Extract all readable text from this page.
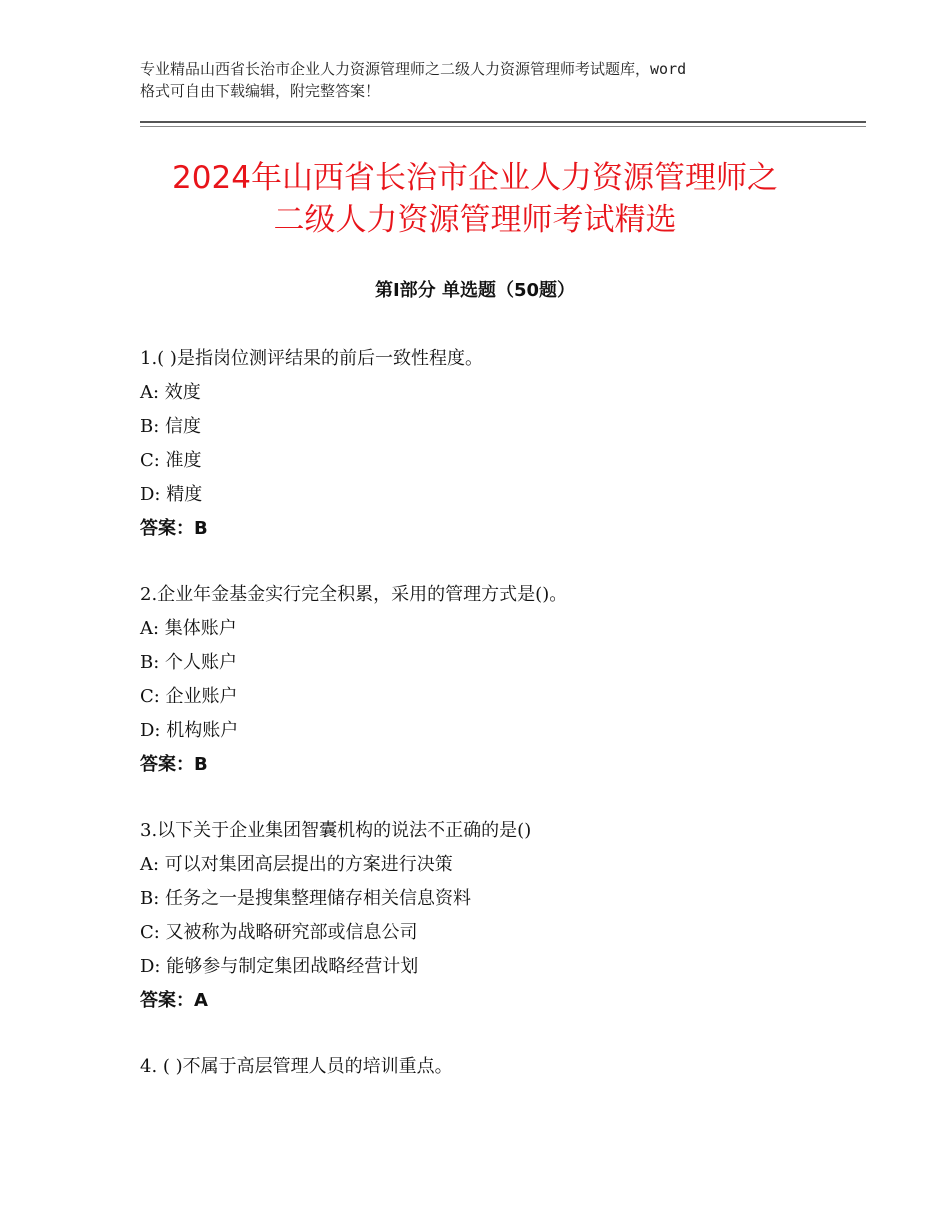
专业精品山西省长治市企业人力资源管理师之二级人力资源管理师考试题库，word
格式可自由下载编辑，附完整答案！
2024年山西省长治市企业人力资源管理师之
二级人力资源管理师考试精选
第Ⅰ部分 单选题（50题）
1.( )是指岗位测评结果的前后一致性程度。
A: 效度
B: 信度
C: 准度
D: 精度
答案：B
2.企业年金基金实行完全积累，采用的管理方式是()。
A: 集体账户
B: 个人账户
C: 企业账户
D: 机构账户
答案：B
3.以下关于企业集团智囊机构的说法不正确的是()
A: 可以对集团高层提出的方案进行决策
B: 任务之一是搜集整理储存相关信息资料
C: 又被称为战略研究部或信息公司
D: 能够参与制定集团战略经营计划
答案：A
4. ( )不属于高层管理人员的培训重点。
